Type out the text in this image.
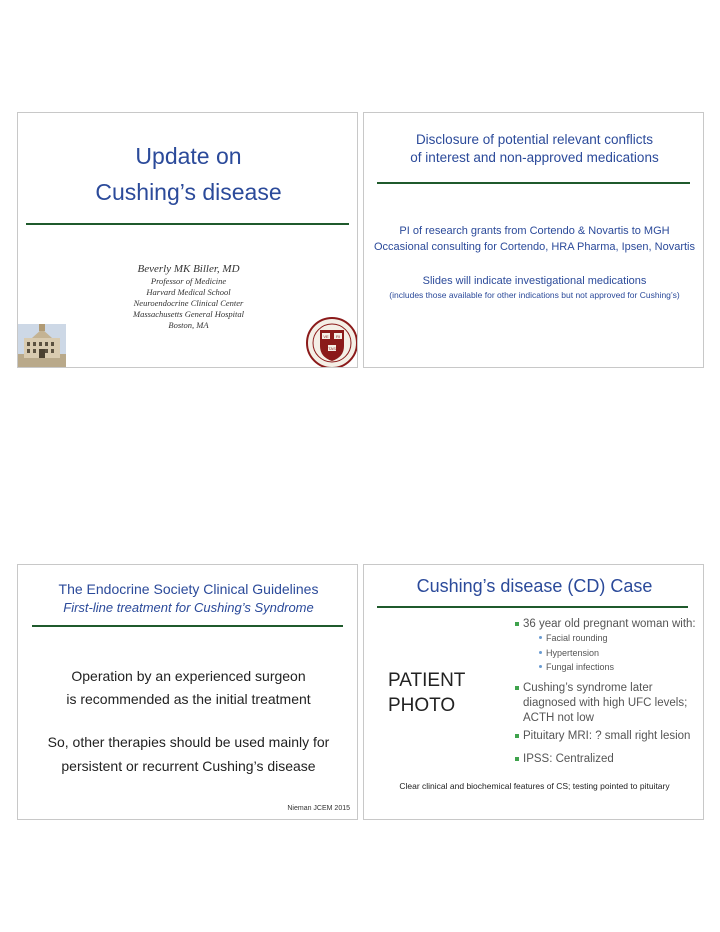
Update on
Cushing’s disease
Beverly MK Biller, MD
Professor of Medicine
Harvard Medical School
Neuroendocrine Clinical Center
Massachusetts General Hospital
Boston, MA
VE RI
TAS
Disclosure of potential relevant conflicts
of interest and non-approved medications
PI of research grants from Cortendo & Novartis to MGH
Occasional consulting for Cortendo, HRA Pharma, Ipsen, Novartis
Slides will indicate investigational medications
(includes those available for other indications but not approved for Cushing’s)
The Endocrine Society Clinical Guidelines
First-line treatment for Cushing’s Syndrome
Operation by an experienced surgeon
is recommended as the initial treatment
So, other therapies should be used mainly for
persistent or recurrent Cushing’s disease
Nieman JCEM 2015
Cushing’s disease (CD) Case
PATIENT
PHOTO
36 year old pregnant woman with:
Facial rounding
Hypertension
Fungal infections
Cushing’s syndrome later
diagnosed with high UFC levels;
ACTH not low
Pituitary MRI: ? small right lesion
IPSS: Centralized
Clear clinical and biochemical features of CS; testing pointed to pituitary
